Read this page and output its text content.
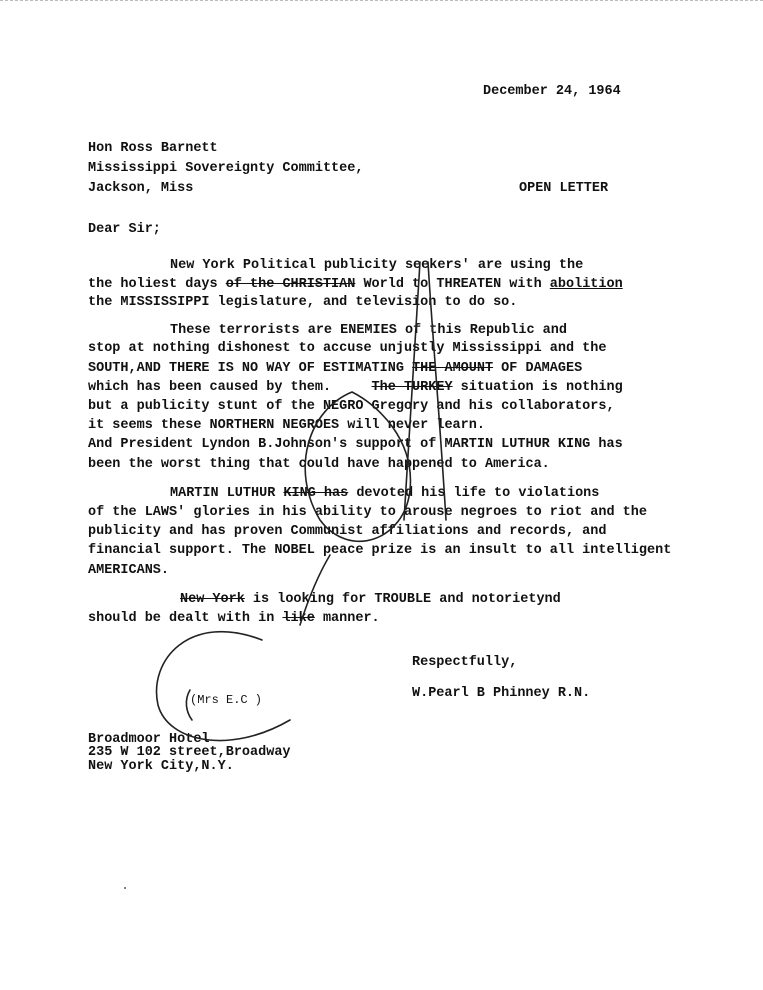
December 24, 1964
Hon Ross Barnett
Mississippi Sovereignty Committee,
Jackson, Miss	OPEN LETTER
Dear Sir;
New York Political publicity seekers' are using the
the holiest days of the CHRISTIAN World to THREATEN with abolition
the MISSISSIPPI legislature, and television to do so.
These terrorists are ENEMIES of this Republic and
stop at nothing dishonest to accuse unjustly Mississippi and the
SOUTH,AND THERE IS NO WAY OF ESTIMATING THE AMOUNT OF DAMAGES
which has been caused by them.     The TURKEY situation is nothing
but a publicity stunt of the NEGRO Gregory and his collaborators,
it seems these NORTHERN NEGROES will never learn.
And President Lyndon B.Johnson's support of MARTIN LUTHUR KING has
been the worst thing that could have happened to America.
MARTIN LUTHUR KING has devoted his life to violations
of the LAWS' glories in his ability to arouse negroes to riot and the
publicity and has proven Communist affiliations and records, and
financial support. The NOBEL peace prize is an insult to all intelligent
AMERICANS.
New York is looking for TROUBLE and notorietynd
should be dealt with in like manner.
Respectfully,
W.Pearl B Phinney R.N.
(Mrs E.C )
Broadmoor Hotel
235 W 102 street,Broadway
New York City,N.Y.
